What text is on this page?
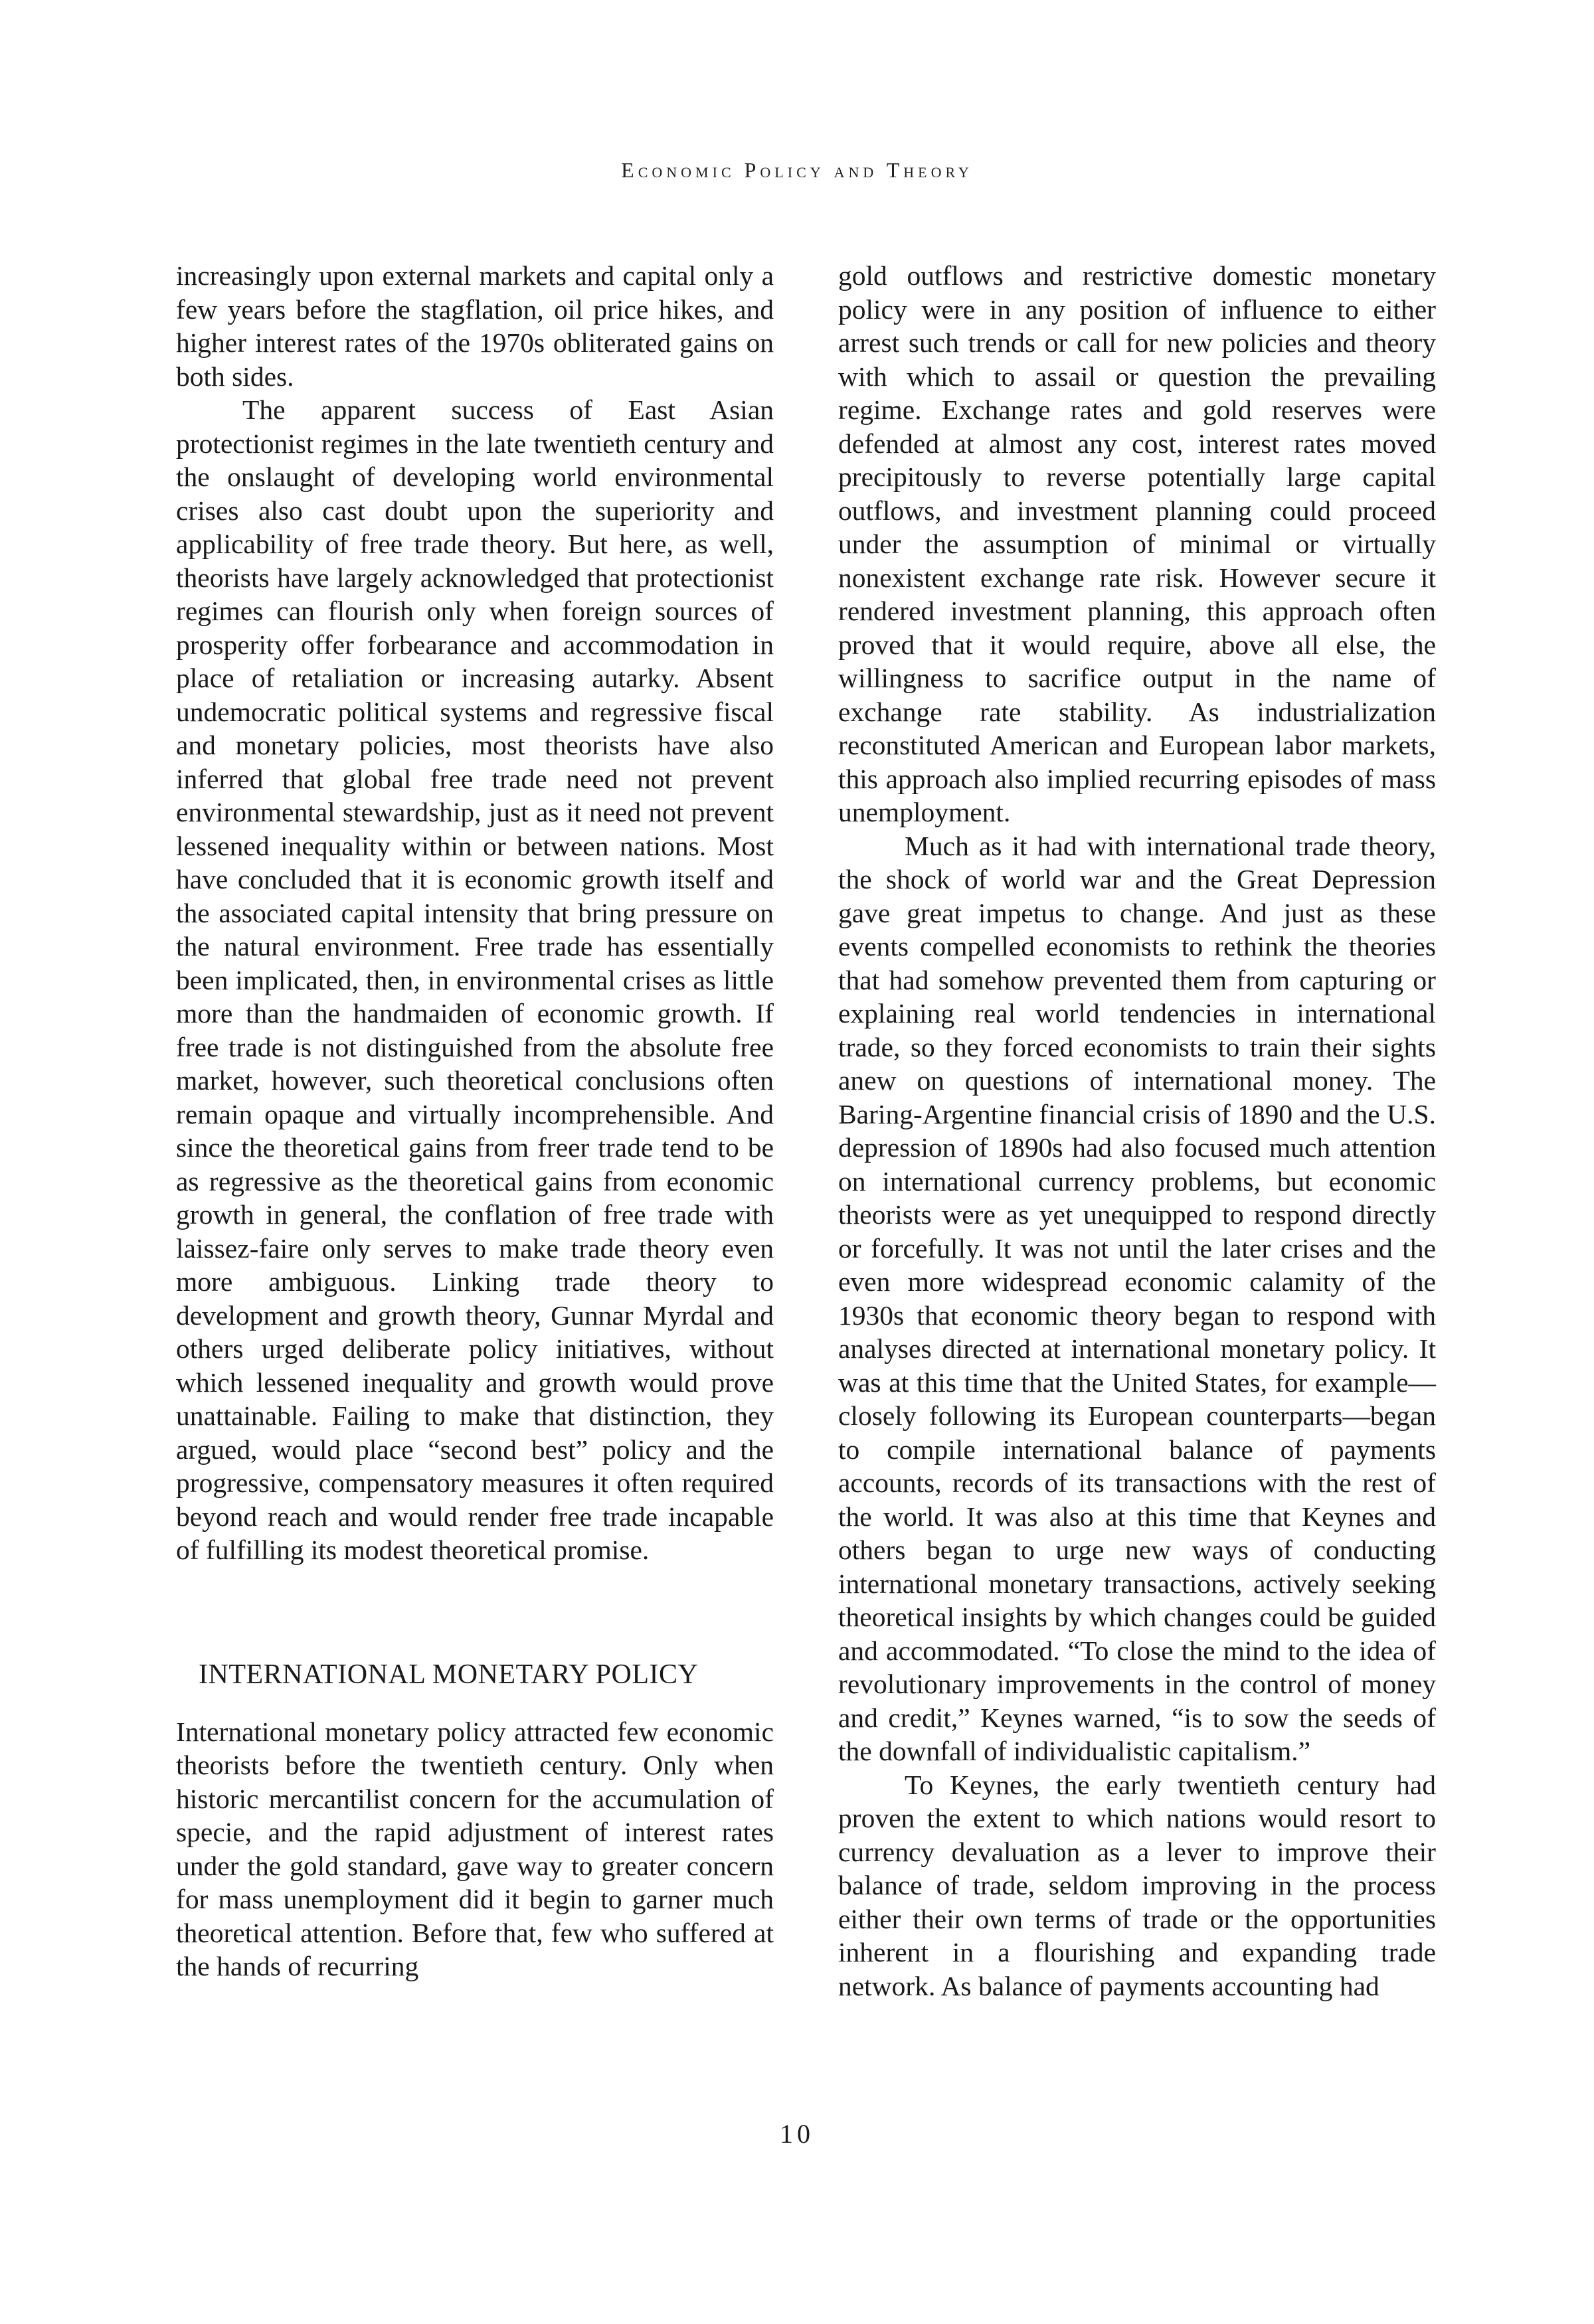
Economic Policy and Theory

increasingly upon external markets and capital only a few years before the stagflation, oil price hikes, and higher interest rates of the 1970s obliterated gains on both sides.

The apparent success of East Asian protectionist regimes in the late twentieth century and the onslaught of developing world environmental crises also cast doubt upon the superiority and applicability of free trade theory. But here, as well, theorists have largely acknowledged that protectionist regimes can flourish only when foreign sources of prosperity offer forbearance and accommodation in place of retaliation or increasing autarky. Absent undemocratic political systems and regressive fiscal and monetary policies, most theorists have also inferred that global free trade need not prevent environmental stewardship, just as it need not prevent lessened inequality within or between nations. Most have concluded that it is economic growth itself and the associated capital intensity that bring pressure on the natural environment. Free trade has essentially been implicated, then, in environmental crises as little more than the handmaiden of economic growth. If free trade is not distinguished from the absolute free market, however, such theoretical conclusions often remain opaque and virtually incomprehensible. And since the theoretical gains from freer trade tend to be as regressive as the theoretical gains from economic growth in general, the conflation of free trade with laissez-faire only serves to make trade theory even more ambiguous. Linking trade theory to development and growth theory, Gunnar Myrdal and others urged deliberate policy initiatives, without which lessened inequality and growth would prove unattainable. Failing to make that distinction, they argued, would place “second best” policy and the progressive, compensatory measures it often required beyond reach and would render free trade incapable of fulfilling its modest theoretical promise.

INTERNATIONAL MONETARY POLICY

International monetary policy attracted few economic theorists before the twentieth century. Only when historic mercantilist concern for the accumulation of specie, and the rapid adjustment of interest rates under the gold standard, gave way to greater concern for mass unemployment did it begin to garner much theoretical attention. Before that, few who suffered at the hands of recurring

gold outflows and restrictive domestic monetary policy were in any position of influence to either arrest such trends or call for new policies and theory with which to assail or question the prevailing regime. Exchange rates and gold reserves were defended at almost any cost, interest rates moved precipitously to reverse potentially large capital outflows, and investment planning could proceed under the assumption of minimal or virtually nonexistent exchange rate risk. However secure it rendered investment planning, this approach often proved that it would require, above all else, the willingness to sacrifice output in the name of exchange rate stability. As industrialization reconstituted American and European labor markets, this approach also implied recurring episodes of mass unemployment.

Much as it had with international trade theory, the shock of world war and the Great Depression gave great impetus to change. And just as these events compelled economists to rethink the theories that had somehow prevented them from capturing or explaining real world tendencies in international trade, so they forced economists to train their sights anew on questions of international money. The Baring-Argentine financial crisis of 1890 and the U.S. depression of 1890s had also focused much attention on international currency problems, but economic theorists were as yet unequipped to respond directly or forcefully. It was not until the later crises and the even more widespread economic calamity of the 1930s that economic theory began to respond with analyses directed at international monetary policy. It was at this time that the United States, for example—closely following its European counterparts—began to compile international balance of payments accounts, records of its transactions with the rest of the world. It was also at this time that Keynes and others began to urge new ways of conducting international monetary transactions, actively seeking theoretical insights by which changes could be guided and accommodated. “To close the mind to the idea of revolutionary improvements in the control of money and credit,” Keynes warned, “is to sow the seeds of the downfall of individualistic capitalism.”

To Keynes, the early twentieth century had proven the extent to which nations would resort to currency devaluation as a lever to improve their balance of trade, seldom improving in the process either their own terms of trade or the opportunities inherent in a flourishing and expanding trade network. As balance of payments accounting had

10
